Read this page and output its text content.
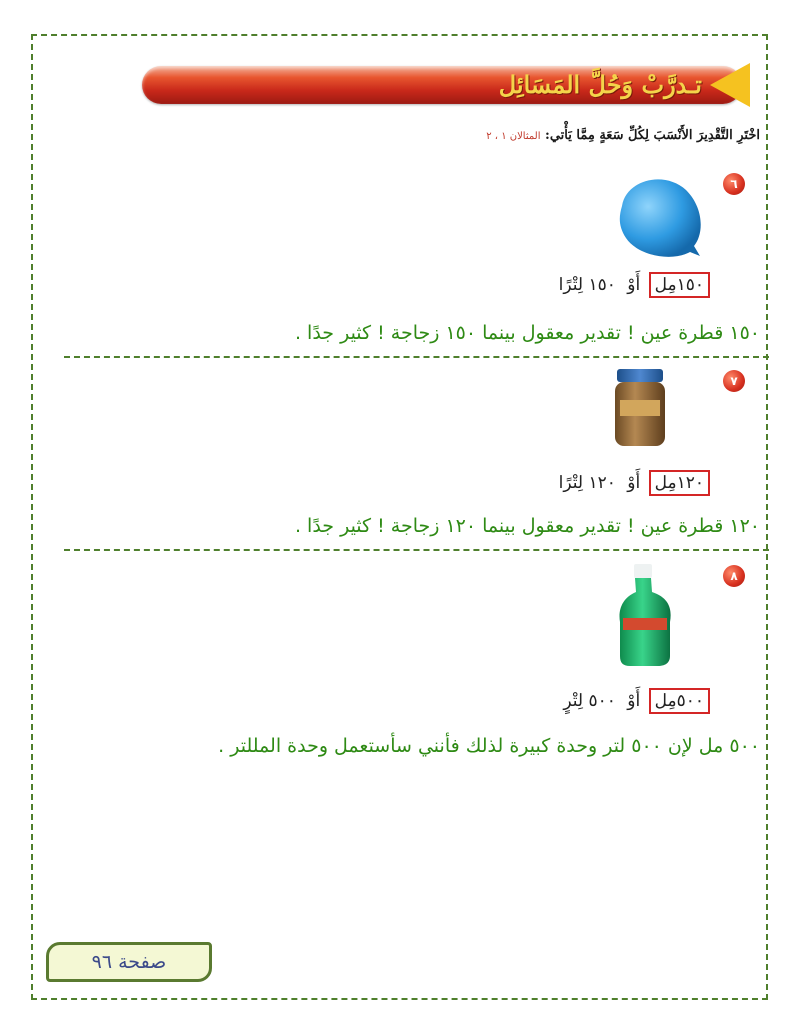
تـدرَّبْ وَحُلَّ المَسَائِل
اخْتَرِ التَّقْدِيرَ الأَنْسَبَ لِكُلِّ سَعَةٍ مِمَّا يَأْتي: المثالان ١ ، ٢
٦
١٥٠مِل أَوْ ١٥٠ لِتْرًا
١٥٠ قطرة عين ! تقدير معقول بينما ١٥٠ زجاجة ! كثير جدًا .
٧
١٢٠مِل أَوْ ١٢٠ لِتْرًا
١٢٠ قطرة عين ! تقدير معقول بينما ١٢٠ زجاجة ! كثير جدًا .
٨
٥٠٠مِل أَوْ ٥٠٠ لِتْرٍ
٥٠٠ مل لإن ٥٠٠ لتر وحدة كبيرة لذلك فأنني سأستعمل وحدة المللتر .
صفحة ٩٦
